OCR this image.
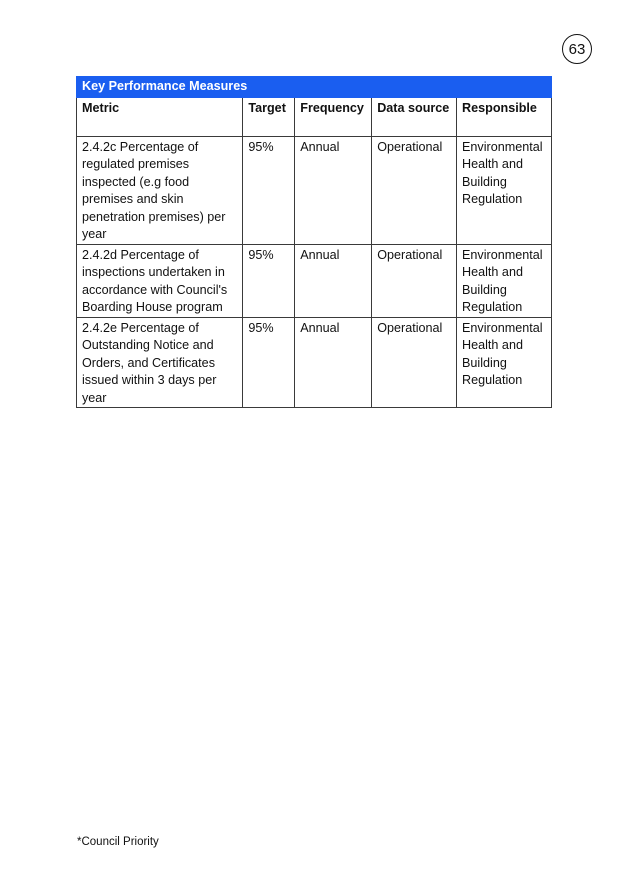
63
Key Performance Measures				
Metric	Target	Frequency	Data source	Responsible
2.4.2c Percentage of regulated premises inspected (e.g food premises and skin penetration premises) per year	95%	Annual	Operational	Environmental Health and Building Regulation
2.4.2d Percentage of inspections undertaken in accordance with Council's Boarding House program	95%	Annual	Operational	Environmental Health and Building Regulation
2.4.2e Percentage of Outstanding Notice and Orders, and Certificates issued within 3 days per year	95%	Annual	Operational	Environmental Health and Building Regulation
*Council Priority
